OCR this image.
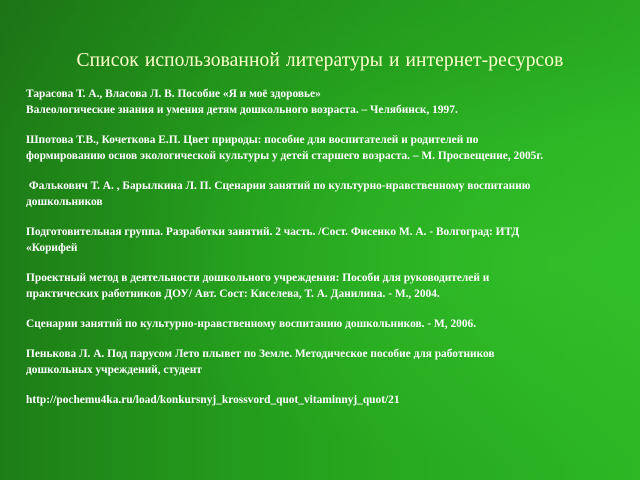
Список использованной литературы и интернет-ресурсов
Тарасова Т. А., Власова Л. В. Пособие «Я и моё здоровье»
Валеологические знания и умения детям дошкольного возраста. – Челябинск, 1997.
Шпотова Т.В., Кочеткова Е.П. Цвет природы: пособие для воспитателей и родителей по
формированию основ экологической культуры у детей старшего возраста. – М. Просвещение, 2005г.
Фалькович Т. А. , Барылкина Л. П. Сценарии занятий по культурно-нравственному воспитанию
дошкольников
Подготовительная группа. Разработки занятий. 2 часть. /Сост. Фисенко М. А. - Волгоград: ИТД
«Корифей
Проектный метод в деятельности дошкольного учреждения: Пособи для руководителей и
практических работников ДОУ/ Авт. Сост: Киселева, Т. А. Данилина. - М., 2004.
Сценарии занятий по культурно-нравственному воспитанию дошкольников. - М, 2006.
Пенькова Л. А. Под парусом Лето плывет по Земле. Методическое пособие для работников
дошкольных учреждений, студент
http://pochemu4ka.ru/load/konkursnyj_krossvord_quot_vitaminnyj_quot/21
